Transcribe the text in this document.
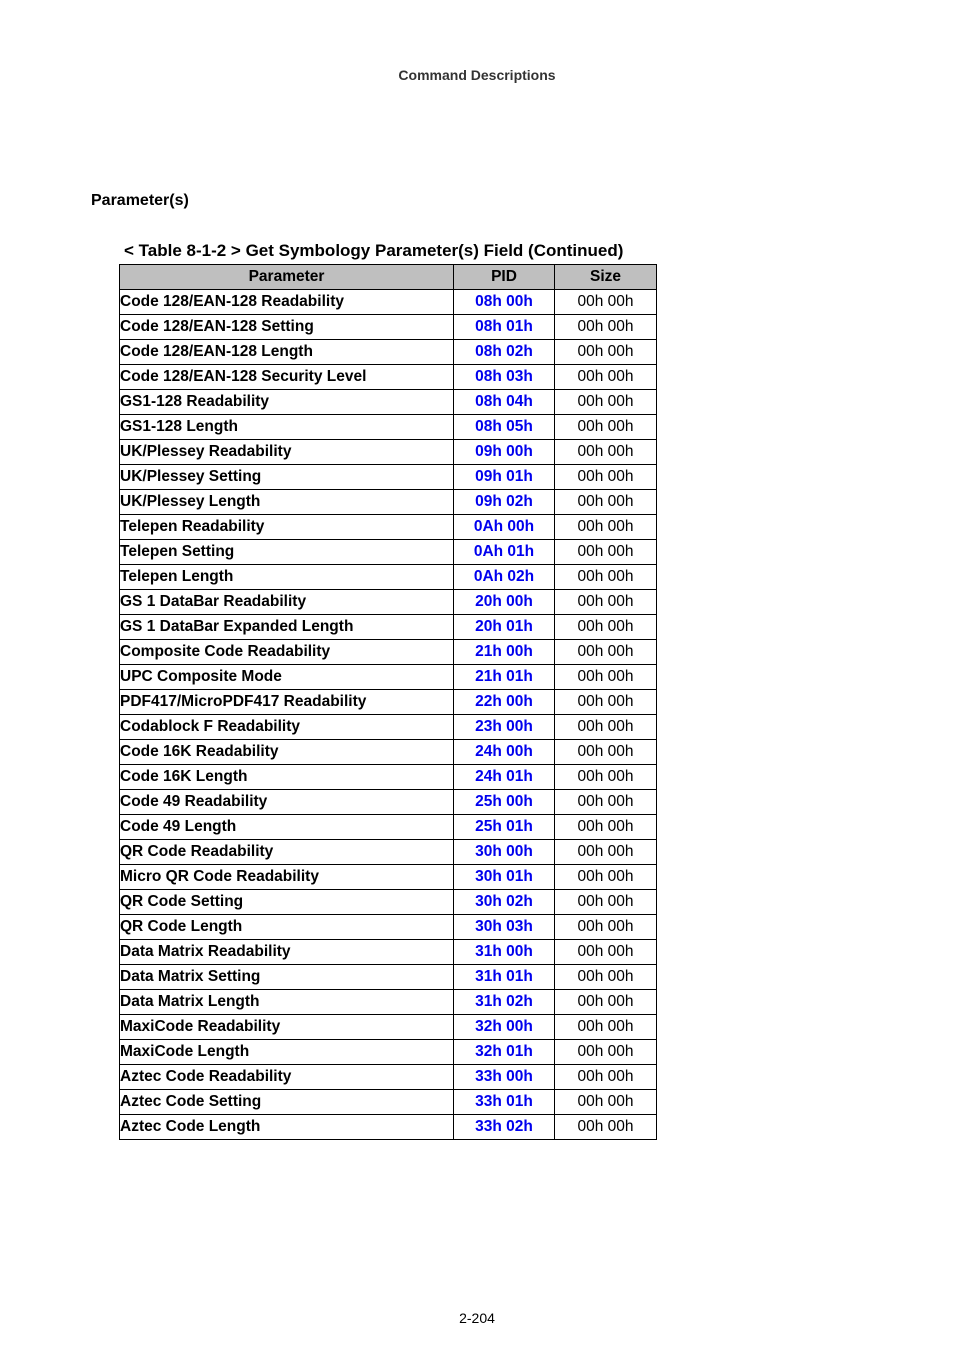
Command Descriptions
Parameter(s)
< Table 8-1-2 > Get Symbology Parameter(s) Field (Continued)
Parameter	PID	Size
Code 128/EAN-128 Readability	08h 00h	00h 00h
Code 128/EAN-128 Setting	08h 01h	00h 00h
Code 128/EAN-128 Length	08h 02h	00h 00h
Code 128/EAN-128 Security Level	08h 03h	00h 00h
GS1-128 Readability	08h 04h	00h 00h
GS1-128 Length	08h 05h	00h 00h
UK/Plessey Readability	09h 00h	00h 00h
UK/Plessey Setting	09h 01h	00h 00h
UK/Plessey Length	09h 02h	00h 00h
Telepen Readability	0Ah 00h	00h 00h
Telepen Setting	0Ah 01h	00h 00h
Telepen Length	0Ah 02h	00h 00h
GS 1 DataBar Readability	20h 00h	00h 00h
GS 1 DataBar Expanded Length	20h 01h	00h 00h
Composite Code Readability	21h 00h	00h 00h
UPC Composite Mode	21h 01h	00h 00h
PDF417/MicroPDF417 Readability	22h 00h	00h 00h
Codablock F Readability	23h 00h	00h 00h
Code 16K Readability	24h 00h	00h 00h
Code 16K Length	24h 01h	00h 00h
Code 49 Readability	25h 00h	00h 00h
Code 49 Length	25h 01h	00h 00h
QR Code Readability	30h 00h	00h 00h
Micro QR Code Readability	30h 01h	00h 00h
QR Code Setting	30h 02h	00h 00h
QR Code Length	30h 03h	00h 00h
Data Matrix Readability	31h 00h	00h 00h
Data Matrix Setting	31h 01h	00h 00h
Data Matrix Length	31h 02h	00h 00h
MaxiCode Readability	32h 00h	00h 00h
MaxiCode Length	32h 01h	00h 00h
Aztec Code Readability	33h 00h	00h 00h
Aztec Code Setting	33h 01h	00h 00h
Aztec Code Length	33h 02h	00h 00h
2-204
